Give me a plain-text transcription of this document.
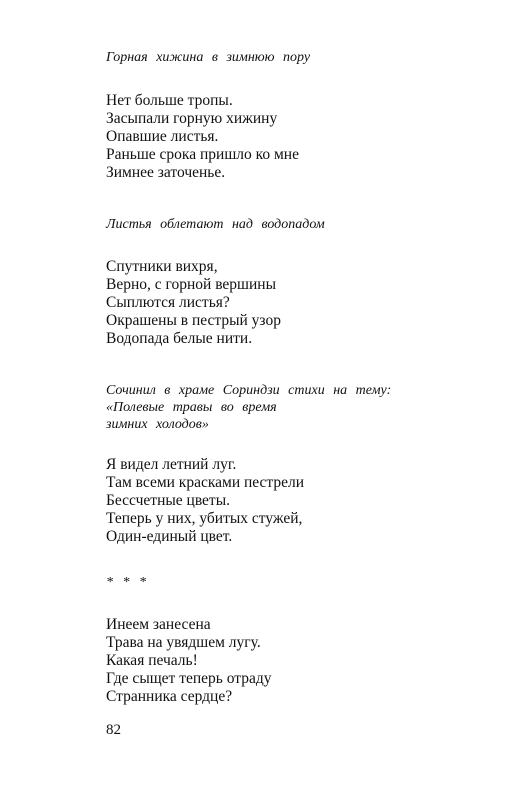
Горная хижина в зимнюю пору
Нет больше тропы.
Засыпали горную хижину
Опавшие листья.
Раньше срока пришло ко мне
Зимнее заточенье.
Листья облетают над водопадом
Спутники вихря,
Верно, с горной вершины
Сыплются листья?
Окрашены в пестрый узор
Водопада белые нити.
Сочинил в храме Сориндзи стихи на тему:
«Полевые травы во время
зимних холодов»
Я видел летний луг.
Там всеми красками пестрели
Бессчетные цветы.
Теперь у них, убитых стужей,
Один-единый цвет.
* * *
Инеем занесена
Трава на увядшем лугу.
Какая печаль!
Где сыщет теперь отраду
Странника сердце?
82
